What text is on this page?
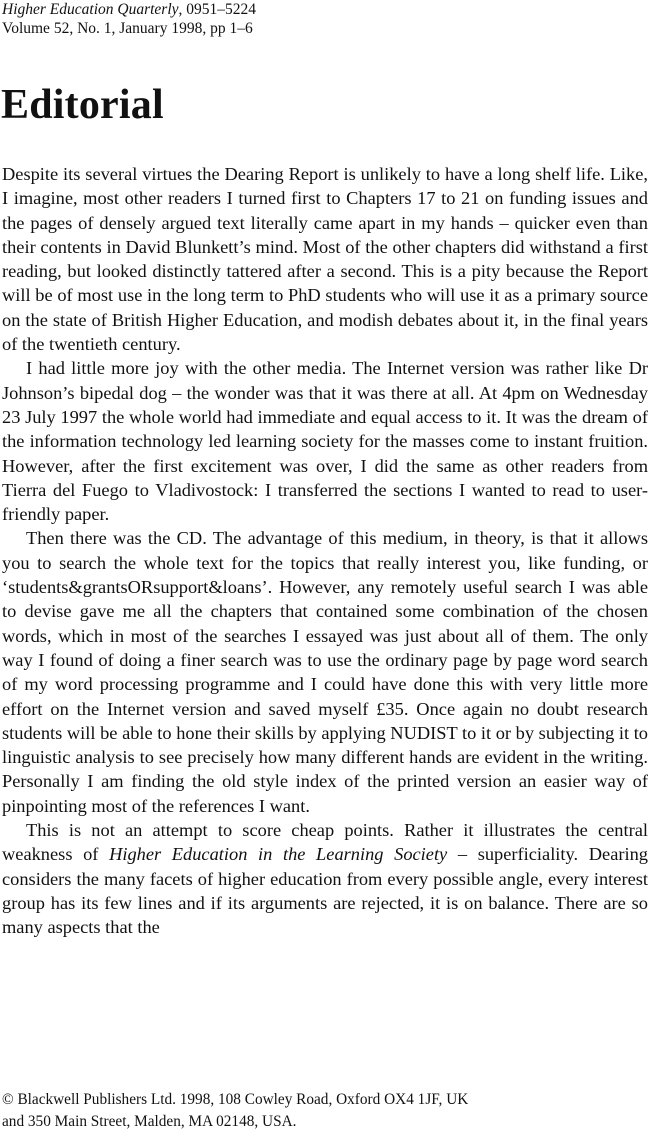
Higher Education Quarterly, 0951–5224
Volume 52, No. 1, January 1998, pp 1–6
Editorial

Despite its several virtues the Dearing Report is unlikely to have a long shelf life. Like, I imagine, most other readers I turned first to Chapters 17 to 21 on funding issues and the pages of densely argued text literally came apart in my hands – quicker even than their contents in David Blunkett’s mind. Most of the other chapters did withstand a first reading, but looked distinctly tattered after a second. This is a pity because the Report will be of most use in the long term to PhD students who will use it as a primary source on the state of British Higher Education, and modish debates about it, in the final years of the twentieth century.

I had little more joy with the other media. The Internet version was rather like Dr Johnson’s bipedal dog – the wonder was that it was there at all. At 4pm on Wednesday 23 July 1997 the whole world had immediate and equal access to it. It was the dream of the information technology led learning society for the masses come to instant fruition. However, after the first excitement was over, I did the same as other readers from Tierra del Fuego to Vladivostock: I transferred the sections I wanted to read to user-friendly paper.

Then there was the CD. The advantage of this medium, in theory, is that it allows you to search the whole text for the topics that really interest you, like funding, or ‘students&grantsORsupport&loans’. However, any remotely useful search I was able to devise gave me all the chapters that contained some combination of the chosen words, which in most of the searches I essayed was just about all of them. The only way I found of doing a finer search was to use the ordinary page by page word search of my word processing programme and I could have done this with very little more effort on the Internet version and saved myself £35. Once again no doubt research students will be able to hone their skills by applying NUDIST to it or by subjecting it to linguistic analysis to see precisely how many different hands are evident in the writing. Personally I am finding the old style index of the printed version an easier way of pinpointing most of the references I want.

This is not an attempt to score cheap points. Rather it illustrates the central weakness of Higher Education in the Learning Society – superficiality. Dearing considers the many facets of higher education from every possible angle, every interest group has its few lines and if its arguments are rejected, it is on balance. There are so many aspects that the

© Blackwell Publishers Ltd. 1998, 108 Cowley Road, Oxford OX4 1JF, UK
and 350 Main Street, Malden, MA 02148, USA.
